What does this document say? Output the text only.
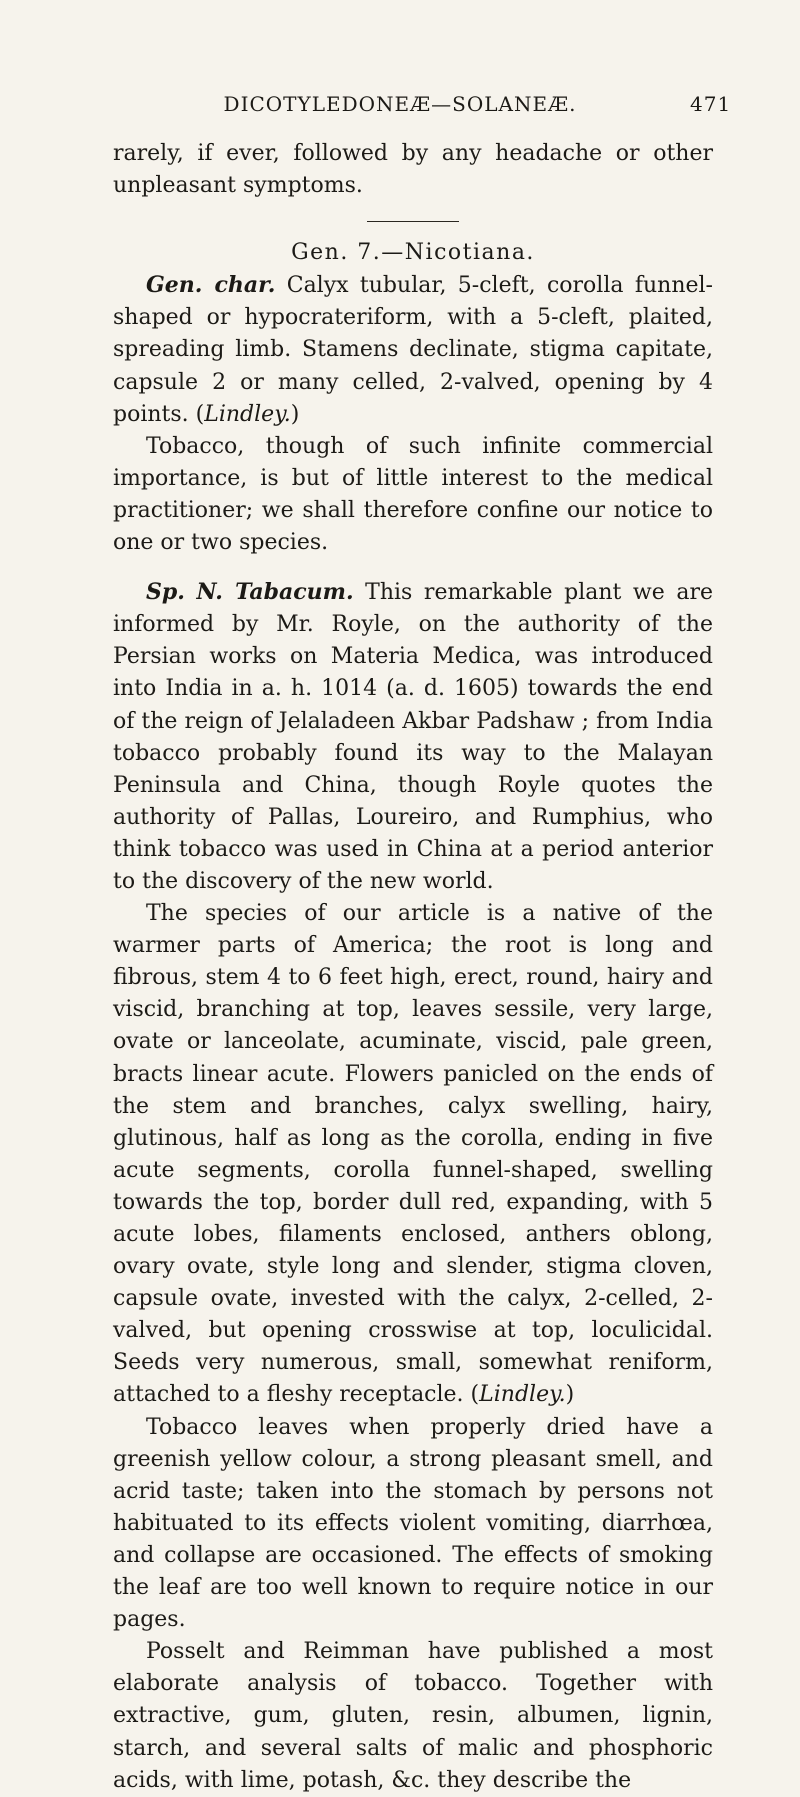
DICOTYLEDONEÆ—SOLANEÆ.	471

rarely, if ever, followed by any headache or other unpleasant symptoms.

Gen. 7.—Nicotiana.

Gen. char. Calyx tubular, 5-cleft, corolla funnel-shaped or hypocrateriform, with a 5-cleft, plaited, spreading limb. Stamens declinate, stigma capitate, capsule 2 or many celled, 2-valved, opening by 4 points. (Lindley.)

Tobacco, though of such infinite commercial importance, is but of little interest to the medical practitioner; we shall therefore confine our notice to one or two species.

Sp. N. Tabacum. This remarkable plant we are informed by Mr. Royle, on the authority of the Persian works on Materia Medica, was introduced into India in a. h. 1014 (a. d. 1605) towards the end of the reign of Jelaladeen Akbar Padshaw ; from India tobacco probably found its way to the Malayan Peninsula and China, though Royle quotes the authority of Pallas, Loureiro, and Rumphius, who think tobacco was used in China at a period anterior to the discovery of the new world.

The species of our article is a native of the warmer parts of America; the root is long and fibrous, stem 4 to 6 feet high, erect, round, hairy and viscid, branching at top, leaves sessile, very large, ovate or lanceolate, acuminate, viscid, pale green, bracts linear acute. Flowers panicled on the ends of the stem and branches, calyx swelling, hairy, glutinous, half as long as the corolla, ending in five acute segments, corolla funnel-shaped, swelling towards the top, border dull red, expanding, with 5 acute lobes, filaments enclosed, anthers oblong, ovary ovate, style long and slender, stigma cloven, capsule ovate, invested with the calyx, 2-celled, 2-valved, but opening crosswise at top, loculicidal. Seeds very numerous, small, somewhat reniform, attached to a fleshy receptacle. (Lindley.)

Tobacco leaves when properly dried have a greenish yellow colour, a strong pleasant smell, and acrid taste; taken into the stomach by persons not habituated to its effects violent vomiting, diarrhœa, and collapse are occasioned. The effects of smoking the leaf are too well known to require notice in our pages.

Posselt and Reimman have published a most elaborate analysis of tobacco. Together with extractive, gum, gluten, resin, albumen, lignin, starch, and several salts of malic and phosphoric acids, with lime, potash, &c. they describe the
